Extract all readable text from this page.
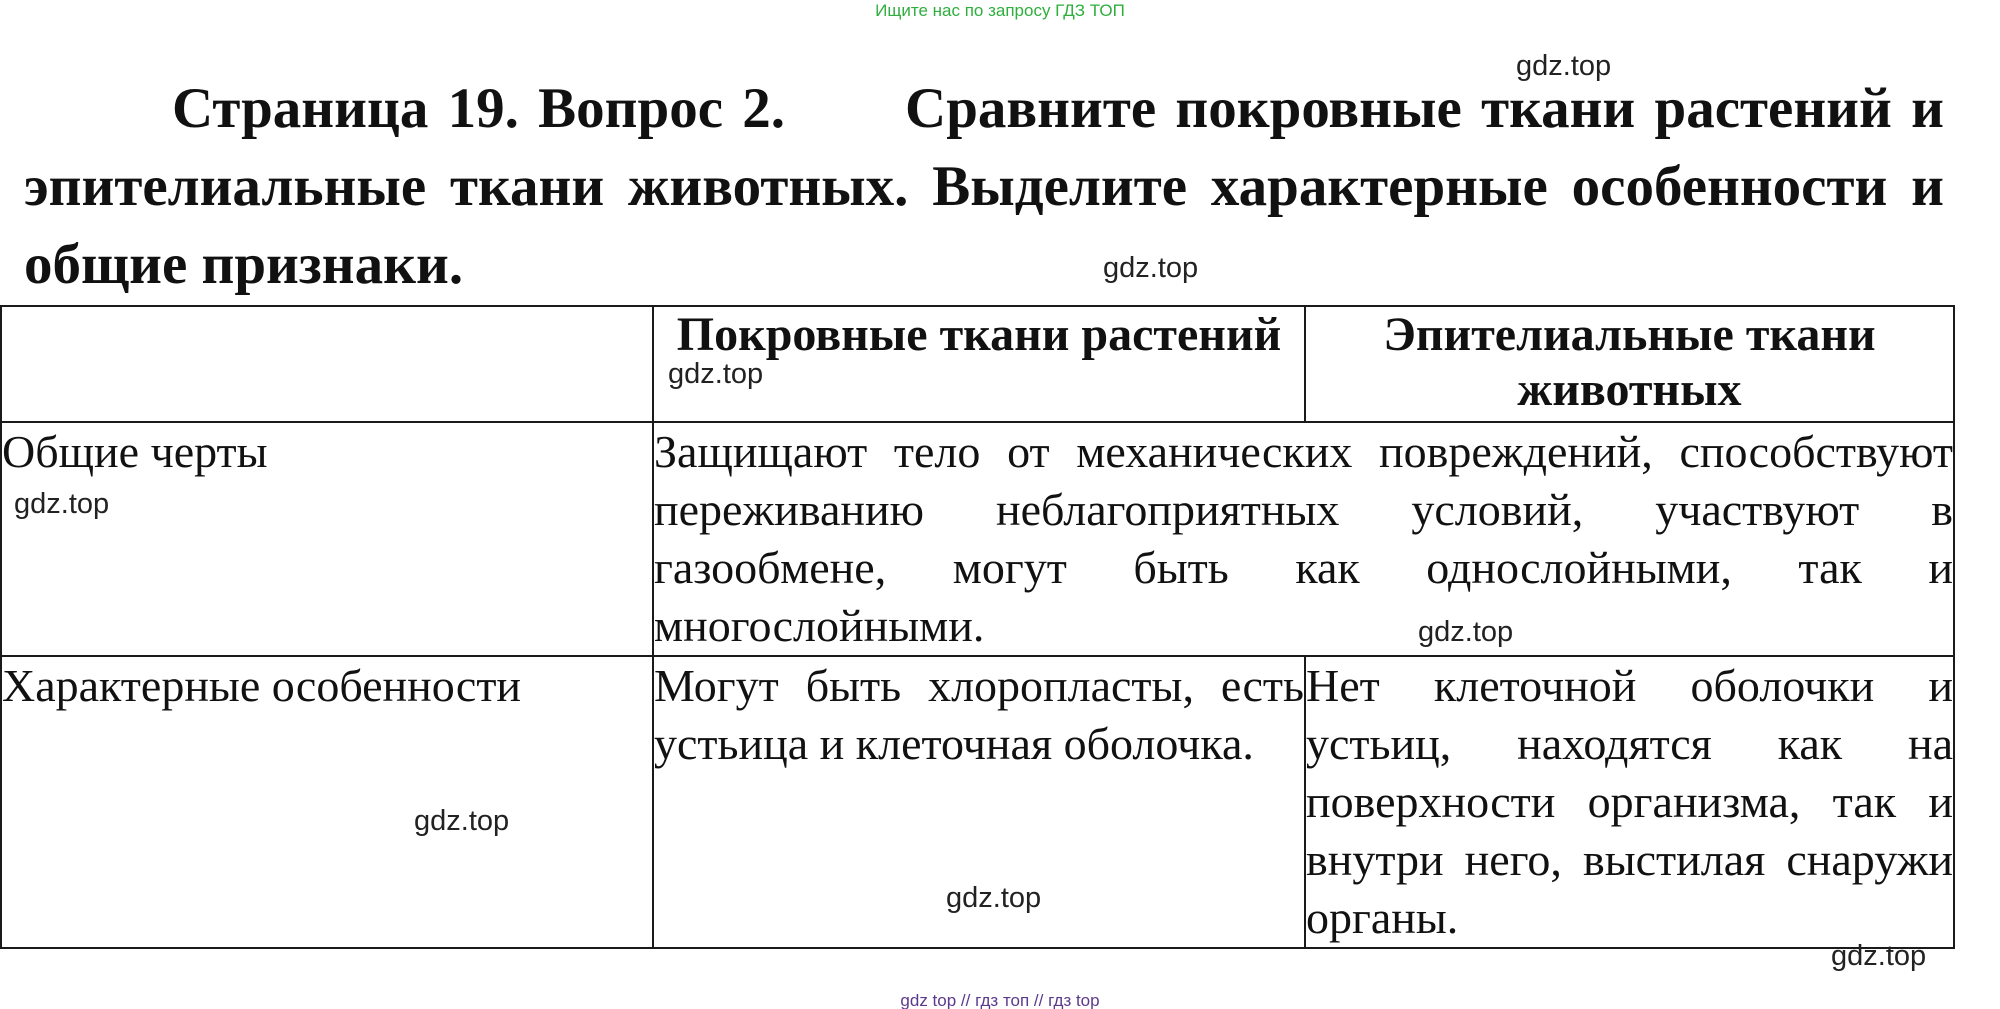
Ищите нас по запросу ГДЗ ТОП
Страница 19. Вопрос 2. Сравните покровные ткани растений и эпителиальные ткани животных. Выделите характерные особенности и общие признаки.
	Покровные ткани растений	Эпителиальные ткани животных
Общие черты	Защищают тело от механических повреждений, способствуют переживанию неблагоприятных условий, участвуют в газообмене, могут быть как однослойными, так и многослойными.	
Характерные особенности	Могут быть хлоропласты, есть устьица и клеточная оболочка.	Нет клеточной оболочки и устьиц, находятся как на поверхности организма, так и внутри него, выстилая снаружи органы.
gdz.top
gdz.top
gdz.top
gdz.top
gdz.top
gdz.top
gdz.top
gdz.top
gdz top // гдз топ // гдз top
